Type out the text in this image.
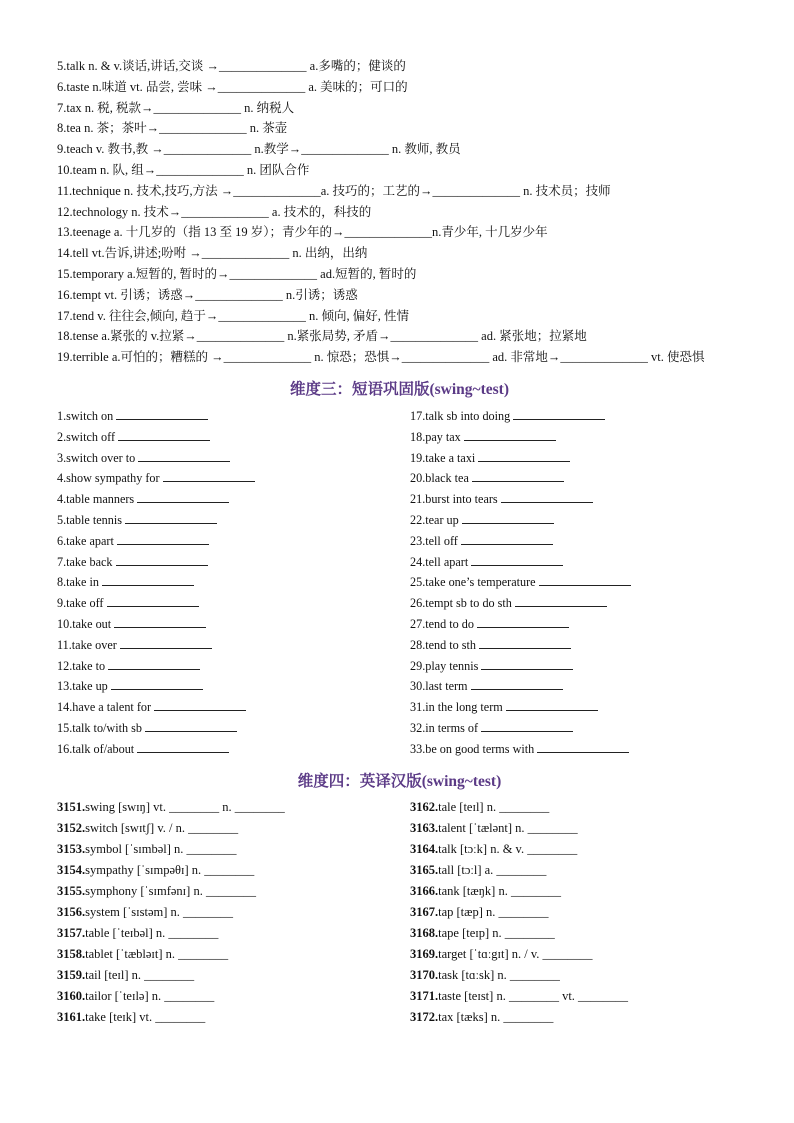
5.talk n. & v.谈话,讲话,交谈 →______________ a.多嘴的；健谈的
6.taste n.味道 vt. 品尝, 尝味 →______________ a. 美味的；可口的
7.tax n. 税, 税款→______________ n. 纳税人
8.tea n. 茶；茶叶→______________ n. 茶壶
9.teach v. 教书,教 →______________ n.教学→______________ n. 教师, 教员
10.team n. 队, 组→______________ n. 团队合作
11.technique n. 技术,技巧,方法 →______________a. 技巧的；工艺的→______________ n. 技术员；技师
12.technology n. 技术→______________ a. 技术的，科技的
13.teenage a. 十几岁的（指 13 至 19 岁）；青少年的→______________n.青少年, 十几岁少年
14.tell vt.告诉,讲述;吩咐 →______________ n. 出纳，出纳
15.temporary a.短暂的, 暂时的→______________ ad.短暂的, 暂时的
16.tempt vt. 引诱；诱惑→______________ n.引诱；诱惑
17.tend v. 往往会,倾向, 趋于→______________ n. 倾向, 偏好, 性情
18.tense a.紧张的 v.拉紧→______________ n.紧张局势, 矛盾→______________ ad. 紧张地；拉紧地
19.terrible a.可怕的；糟糕的 →______________ n. 惊恐；恐惧→______________ ad. 非常地→______________ vt. 使恐惧
维度三：短语巩固版(swing~test)
1.switch on
2.switch off
3.switch over to
4.show sympathy for
4.table manners
5.table tennis
6.take apart
7.take back
8.take in
9.take off
10.take out
11.take over
12.take to
13.take up
14.have a talent for
15.talk to/with sb
16.talk of/about
17.talk sb into doing
18.pay tax
19.take a taxi
20.black tea
21.burst into tears
22.tear up
23.tell off
24.tell apart
25.take one’s temperature
26.tempt sb to do sth
27.tend to do
28.tend to sth
29.play tennis
30.last term
31.in the long term
32.in terms of
33.be on good terms with
维度四：英译汉版(swing~test)
3151.swing [swɪŋ] vt. ________ n. ________
3152.switch [swɪtʃ] v. / n. ________
3153.symbol [ˈsɪmbəl] n. ________
3154.sympathy [ˈsɪmpəθɪ] n. ________
3155.symphony [ˈsɪmfənɪ] n. ________
3156.system [ˈsɪstəm] n. ________
3157.table [ˈteɪbəl] n. ________
3158.tablet [ˈtæbləɪt] n. ________
3159.tail [teɪl] n. ________
3160.tailor [ˈteɪlə] n. ________
3161.take [teɪk] vt. ________
3162.tale [teɪl] n. ________
3163.talent [ˈtælənt] n. ________
3164.talk [tɔːk] n. & v. ________
3165.tall [tɔːl] a. ________
3166.tank [tæŋk] n. ________
3167.tap [tæp] n. ________
3168.tape [teɪp] n. ________
3169.target [ˈtɑːgɪt] n. / v. ________
3170.task [tɑːsk] n. ________
3171.taste [teɪst] n. ________ vt. ________
3172.tax [tæks] n. ________
